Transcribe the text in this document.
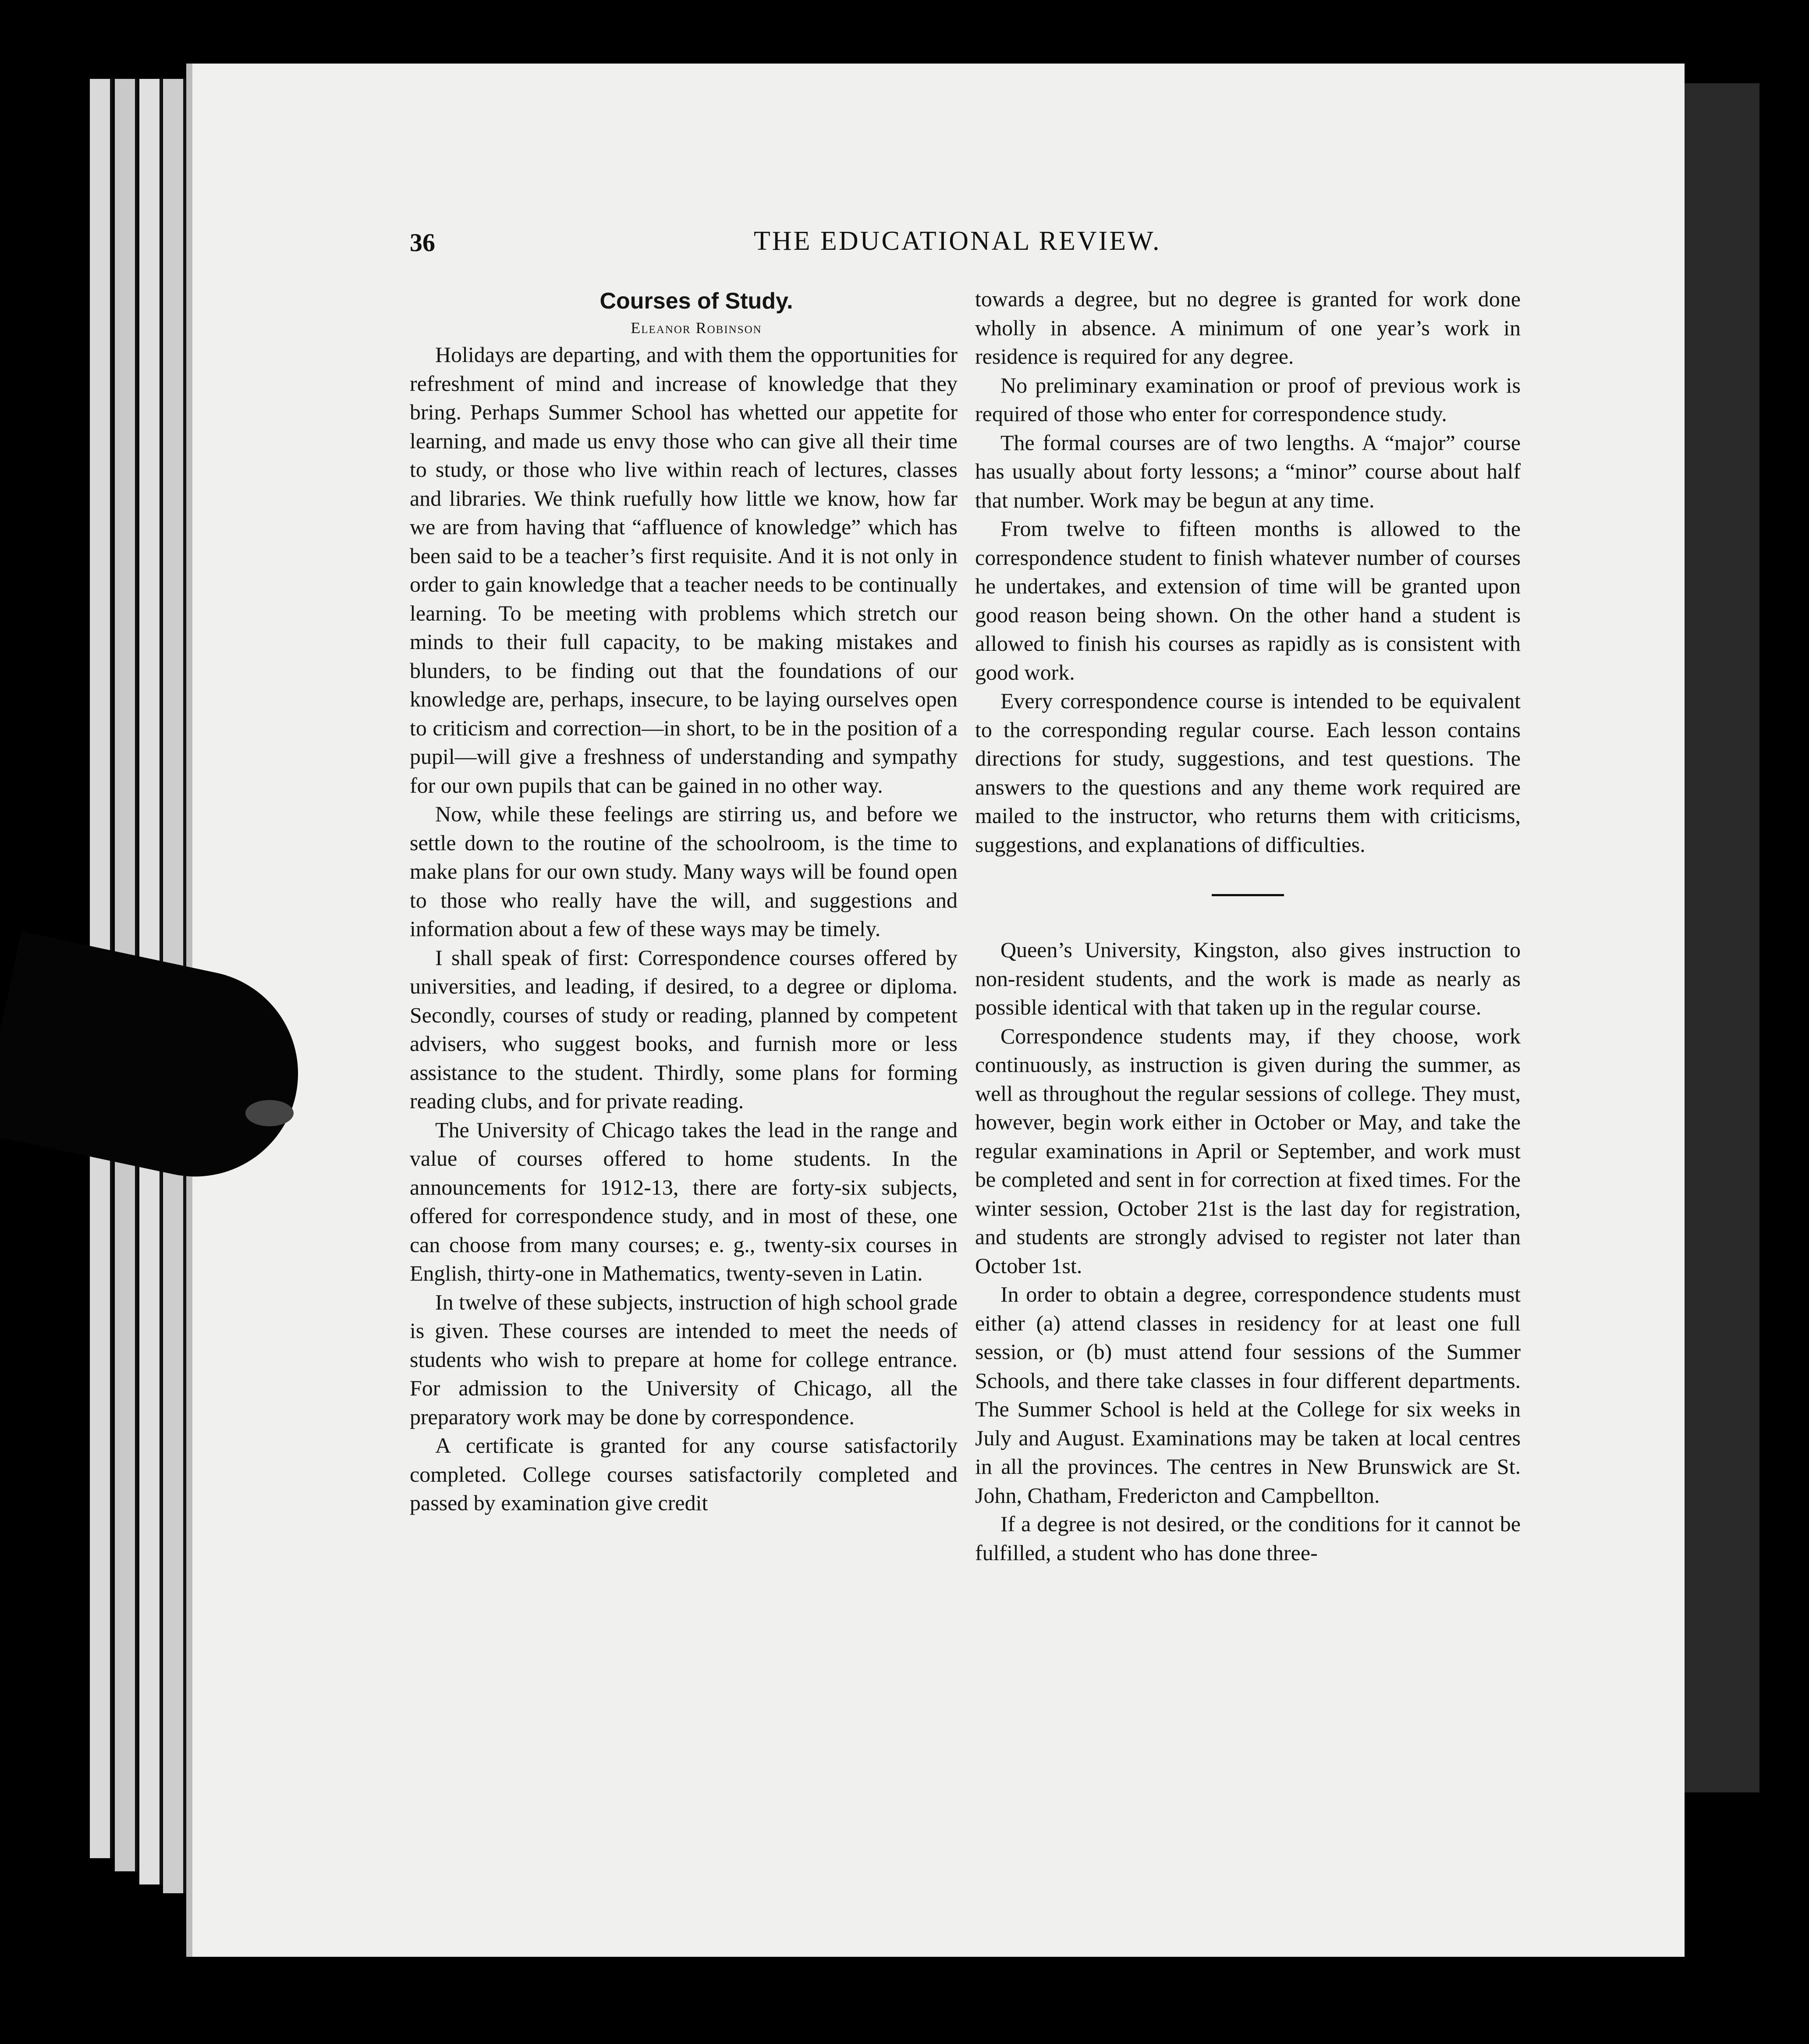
36	THE EDUCATIONAL REVIEW.

Courses of Study.

Eleanor Robinson

Holidays are departing, and with them the opportunities for refreshment of mind and increase of knowledge that they bring. Perhaps Summer School has whetted our appetite for learning, and made us envy those who can give all their time to study, or those who live within reach of lectures, classes and libraries. We think ruefully how little we know, how far we are from having that “affluence of knowledge” which has been said to be a teacher’s first requisite. And it is not only in order to gain knowledge that a teacher needs to be continually learning. To be meeting with problems which stretch our minds to their full capacity, to be making mistakes and blunders, to be finding out that the foundations of our knowledge are, perhaps, insecure, to be laying ourselves open to criticism and correction—in short, to be in the position of a pupil—will give a freshness of understanding and sympathy for our own pupils that can be gained in no other way.

Now, while these feelings are stirring us, and before we settle down to the routine of the schoolroom, is the time to make plans for our own study. Many ways will be found open to those who really have the will, and suggestions and information about a few of these ways may be timely.

I shall speak of first: Correspondence courses offered by universities, and leading, if desired, to a degree or diploma. Secondly, courses of study or reading, planned by competent advisers, who suggest books, and furnish more or less assistance to the student. Thirdly, some plans for forming reading clubs, and for private reading.

The University of Chicago takes the lead in the range and value of courses offered to home students. In the announcements for 1912-13, there are forty-six subjects, offered for correspondence study, and in most of these, one can choose from many courses; e. g., twenty-six courses in English, thirty-one in Mathematics, twenty-seven in Latin.

In twelve of these subjects, instruction of high school grade is given. These courses are intended to meet the needs of students who wish to prepare at home for college entrance. For admission to the University of Chicago, all the preparatory work may be done by correspondence.

A certificate is granted for any course satisfactorily completed. College courses satisfactorily completed and passed by examination give credit

towards a degree, but no degree is granted for work done wholly in absence. A minimum of one year’s work in residence is required for any degree.

No preliminary examination or proof of previous work is required of those who enter for correspondence study.

The formal courses are of two lengths. A “major” course has usually about forty lessons; a “minor” course about half that number. Work may be begun at any time.

From twelve to fifteen months is allowed to the correspondence student to finish whatever number of courses he undertakes, and extension of time will be granted upon good reason being shown. On the other hand a student is allowed to finish his courses as rapidly as is consistent with good work.

Every correspondence course is intended to be equivalent to the corresponding regular course. Each lesson contains directions for study, suggestions, and test questions. The answers to the questions and any theme work required are mailed to the instructor, who returns them with criticisms, suggestions, and explanations of difficulties.

Queen’s University, Kingston, also gives instruction to non-resident students, and the work is made as nearly as possible identical with that taken up in the regular course.

Correspondence students may, if they choose, work continuously, as instruction is given during the summer, as well as throughout the regular sessions of college. They must, however, begin work either in October or May, and take the regular examinations in April or September, and work must be completed and sent in for correction at fixed times. For the winter session, October 21st is the last day for registration, and students are strongly advised to register not later than October 1st.

In order to obtain a degree, correspondence students must either (a) attend classes in residency for at least one full session, or (b) must attend four sessions of the Summer Schools, and there take classes in four different departments. The Summer School is held at the College for six weeks in July and August. Examinations may be taken at local centres in all the provinces. The centres in New Brunswick are St. John, Chatham, Fredericton and Campbellton.

If a degree is not desired, or the conditions for it cannot be fulfilled, a student who has done three-
